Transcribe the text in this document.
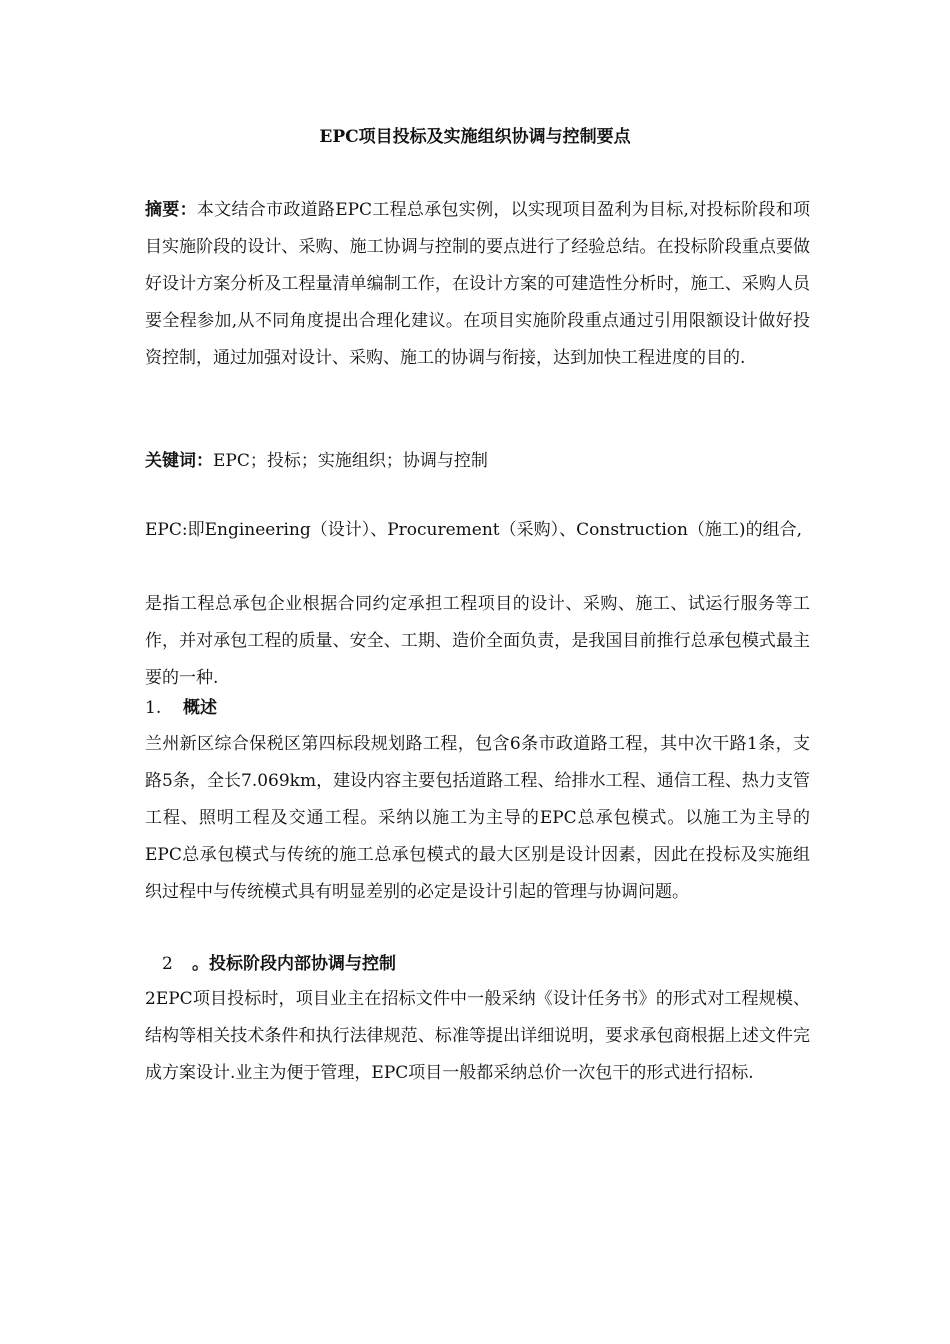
EPC项目投标及实施组织协调与控制要点

摘要：本文结合市政道路EPC工程总承包实例，以实现项目盈利为目标,对投标阶段和项目实施阶段的设计、采购、施工协调与控制的要点进行了经验总结。在投标阶段重点要做好设计方案分析及工程量清单编制工作，在设计方案的可建造性分析时，施工、采购人员要全程参加,从不同角度提出合理化建议。在项目实施阶段重点通过引用限额设计做好投资控制，通过加强对设计、采购、施工的协调与衔接，达到加快工程进度的目的.

关键词：EPC；投标；实施组织；协调与控制

EPC:即Engineering（设计）、Procurement（采购）、Construction（施工)的组合,

是指工程总承包企业根据合同约定承担工程项目的设计、采购、施工、试运行服务等工作，并对承包工程的质量、安全、工期、造价全面负责，是我国目前推行总承包模式最主要的一种.

1. 概述

兰州新区综合保税区第四标段规划路工程，包含6条市政道路工程，其中次干路1条，支路5条，全长7.069km，建设内容主要包括道路工程、给排水工程、通信工程、热力支管工程、照明工程及交通工程。采纳以施工为主导的EPC总承包模式。以施工为主导的EPC总承包模式与传统的施工总承包模式的最大区别是设计因素，因此在投标及实施组织过程中与传统模式具有明显差别的必定是设计引起的管理与协调问题。

2 。投标阶段内部协调与控制

2EPC项目投标时，项目业主在招标文件中一般采纳《设计任务书》的形式对工程规模、结构等相关技术条件和执行法律规范、标准等提出详细说明，要求承包商根据上述文件完成方案设计.业主为便于管理，EPC项目一般都采纳总价一次包干的形式进行招标.
